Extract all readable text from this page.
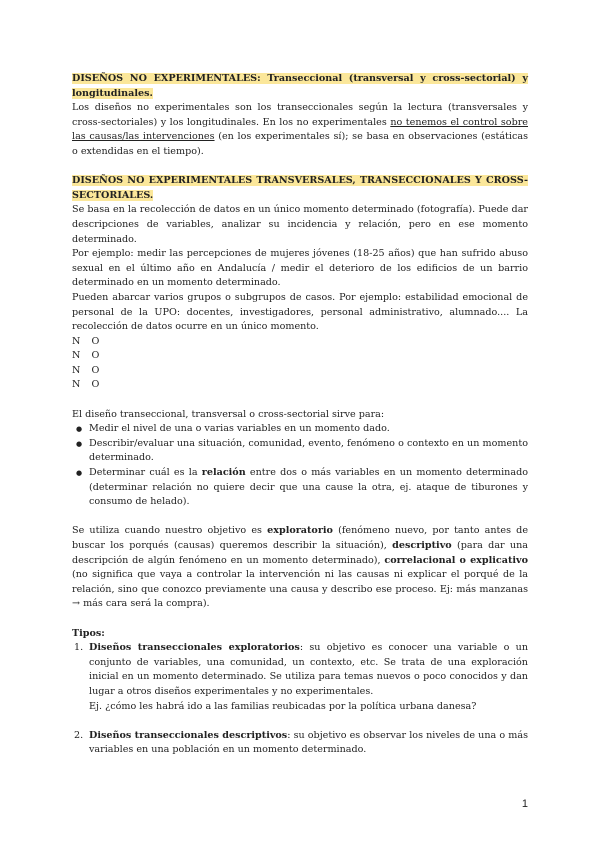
DISEÑOS NO EXPERIMENTALES: Transeccional (transversal y cross-sectorial) y longitudinales.

Los diseños no experimentales son los transeccionales según la lectura (transversales y cross-sectoriales) y los longitudinales. En los no experimentales no tenemos el control sobre las causas/las intervenciones (en los experimentales sí); se basa en observaciones (estáticas o extendidas en el tiempo).

DISEÑOS NO EXPERIMENTALES TRANSVERSALES, TRANSECCIONALES Y CROSS-SECTORIALES.

Se basa en la recolección de datos en un único momento determinado (fotografía). Puede dar descripciones de variables, analizar su incidencia y relación, pero en ese momento determinado.

Por ejemplo: medir las percepciones de mujeres jóvenes (18-25 años) que han sufrido abuso sexual en el último año en Andalucía / medir el deterioro de los edificios de un barrio determinado en un momento determinado.

Pueden abarcar varios grupos o subgrupos de casos. Por ejemplo: estabilidad emocional de personal de la UPO: docentes, investigadores, personal administrativo, alumnado.... La recolección de datos ocurre en un único momento.

N O

N O

N O

N O

El diseño transeccional, transversal o cross-sectorial sirve para:

● Medir el nivel de una o varias variables en un momento dado.
● Describir/evaluar una situación, comunidad, evento, fenómeno o contexto en un momento determinado.
● Determinar cuál es la relación entre dos o más variables en un momento determinado (determinar relación no quiere decir que una cause la otra, ej. ataque de tiburones y consumo de helado).

Se utiliza cuando nuestro objetivo es exploratorio (fenómeno nuevo, por tanto antes de buscar los porqués (causas) queremos describir la situación), descriptivo (para dar una descripción de algún fenómeno en un momento determinado), correlacional o explicativo (no significa que vaya a controlar la intervención ni las causas ni explicar el porqué de la relación, sino que conozco previamente una causa y describo ese proceso. Ej: más manzanas → más cara será la compra).

Tipos:

1. Diseños transeccionales exploratorios: su objetivo es conocer una variable o un conjunto de variables, una comunidad, un contexto, etc. Se trata de una exploración inicial en un momento determinado. Se utiliza para temas nuevos o poco conocidos y dan lugar a otros diseños experimentales y no experimentales.

Ej. ¿cómo les habrá ido a las familias reubicadas por la política urbana danesa?

2. Diseños transeccionales descriptivos: su objetivo es observar los niveles de una o más variables en una población en un momento determinado.
1
